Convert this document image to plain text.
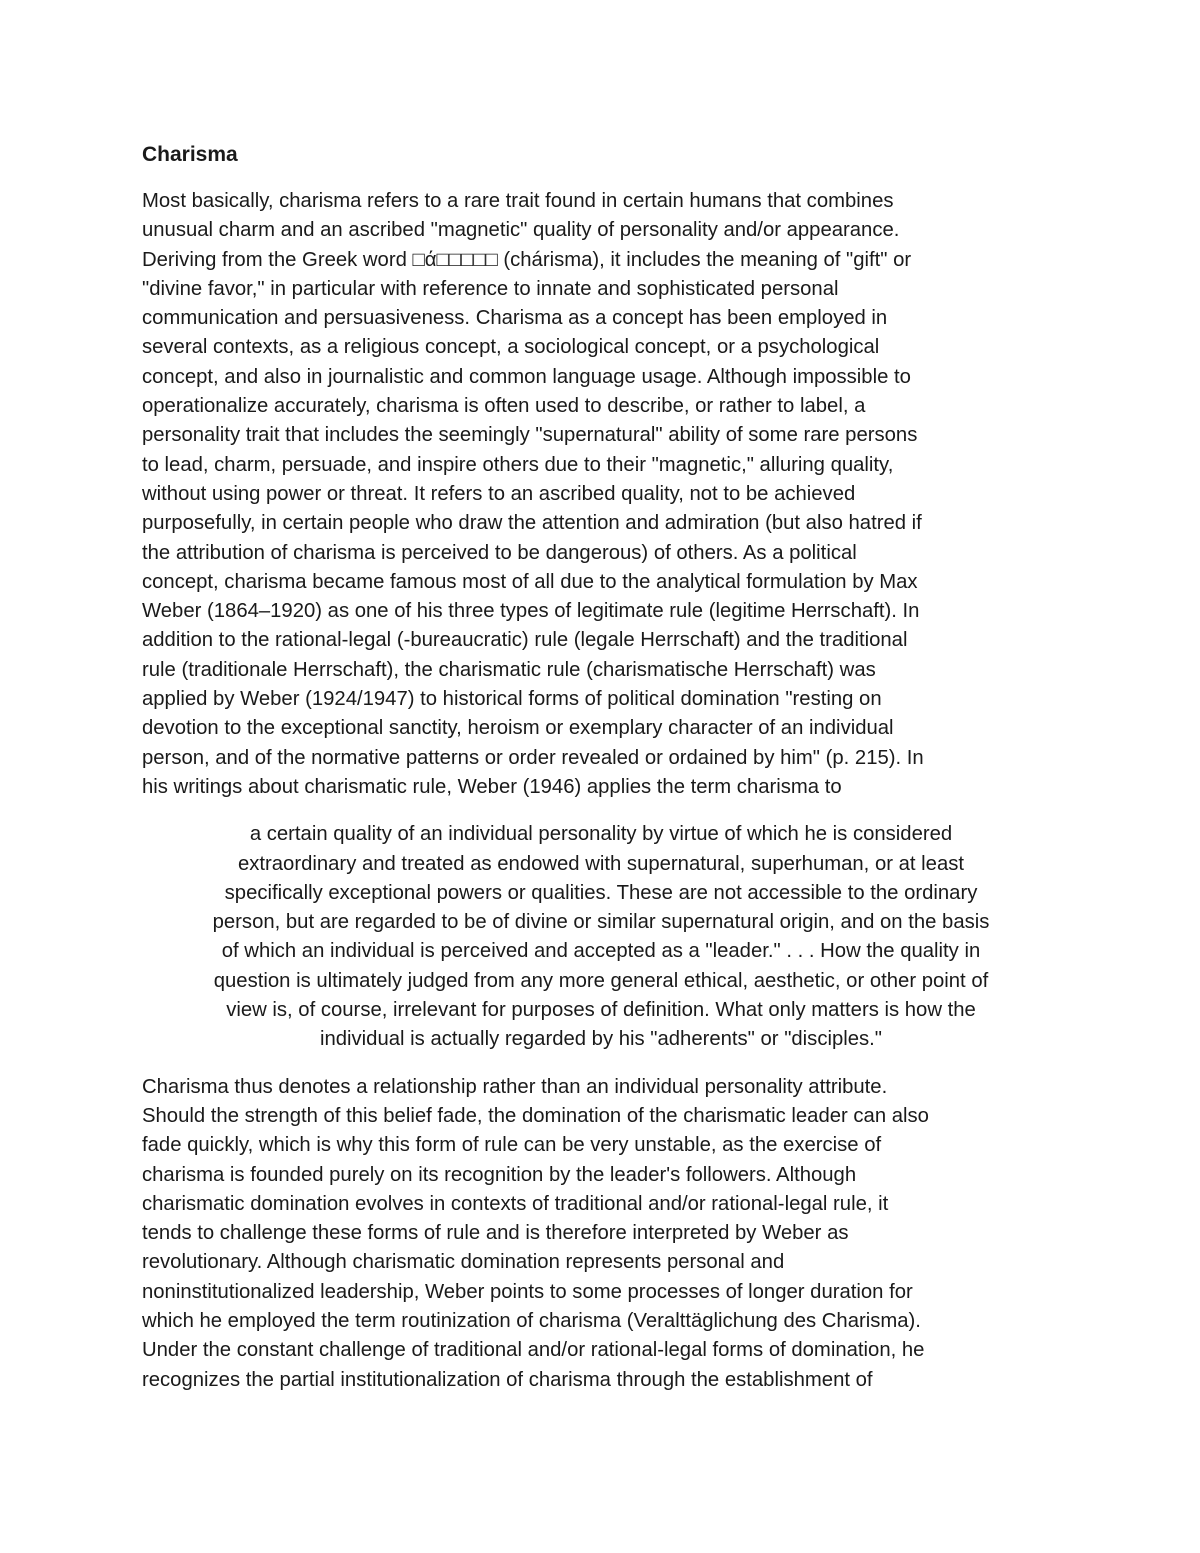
Charisma

Most basically, charisma refers to a rare trait found in certain humans that combines
unusual charm and an ascribed "magnetic" quality of personality and/or appearance.
Deriving from the Greek word □ά□□□□□ (chárisma), it includes the meaning of "gift" or
"divine favor," in particular with reference to innate and sophisticated personal
communication and persuasiveness. Charisma as a concept has been employed in
several contexts, as a religious concept, a sociological concept, or a psychological
concept, and also in journalistic and common language usage. Although impossible to
operationalize accurately, charisma is often used to describe, or rather to label, a
personality trait that includes the seemingly "supernatural" ability of some rare persons
to lead, charm, persuade, and inspire others due to their "magnetic," alluring quality,
without using power or threat. It refers to an ascribed quality, not to be achieved
purposefully, in certain people who draw the attention and admiration (but also hatred if
the attribution of charisma is perceived to be dangerous) of others. As a political
concept, charisma became famous most of all due to the analytical formulation by Max
Weber (1864–1920) as one of his three types of legitimate rule (legitime Herrschaft). In
addition to the rational-legal (-bureaucratic) rule (legale Herrschaft) and the traditional
rule (traditionale Herrschaft), the charismatic rule (charismatische Herrschaft) was
applied by Weber (1924/1947) to historical forms of political domination "resting on
devotion to the exceptional sanctity, heroism or exemplary character of an individual
person, and of the normative patterns or order revealed or ordained by him" (p. 215). In
his writings about charismatic rule, Weber (1946) applies the term charisma to

a certain quality of an individual personality by virtue of which he is considered
extraordinary and treated as endowed with supernatural, superhuman, or at least
specifically exceptional powers or qualities. These are not accessible to the ordinary
person, but are regarded to be of divine or similar supernatural origin, and on the basis
of which an individual is perceived and accepted as a "leader." . . . How the quality in
question is ultimately judged from any more general ethical, aesthetic, or other point of
view is, of course, irrelevant for purposes of definition. What only matters is how the
individual is actually regarded by his "adherents" or "disciples."

Charisma thus denotes a relationship rather than an individual personality attribute.
Should the strength of this belief fade, the domination of the charismatic leader can also
fade quickly, which is why this form of rule can be very unstable, as the exercise of
charisma is founded purely on its recognition by the leader's followers. Although
charismatic domination evolves in contexts of traditional and/or rational-legal rule, it
tends to challenge these forms of rule and is therefore interpreted by Weber as
revolutionary. Although charismatic domination represents personal and
noninstitutionalized leadership, Weber points to some processes of longer duration for
which he employed the term routinization of charisma (Veralttäglichung des Charisma).
Under the constant challenge of traditional and/or rational-legal forms of domination, he
recognizes the partial institutionalization of charisma through the establishment of
